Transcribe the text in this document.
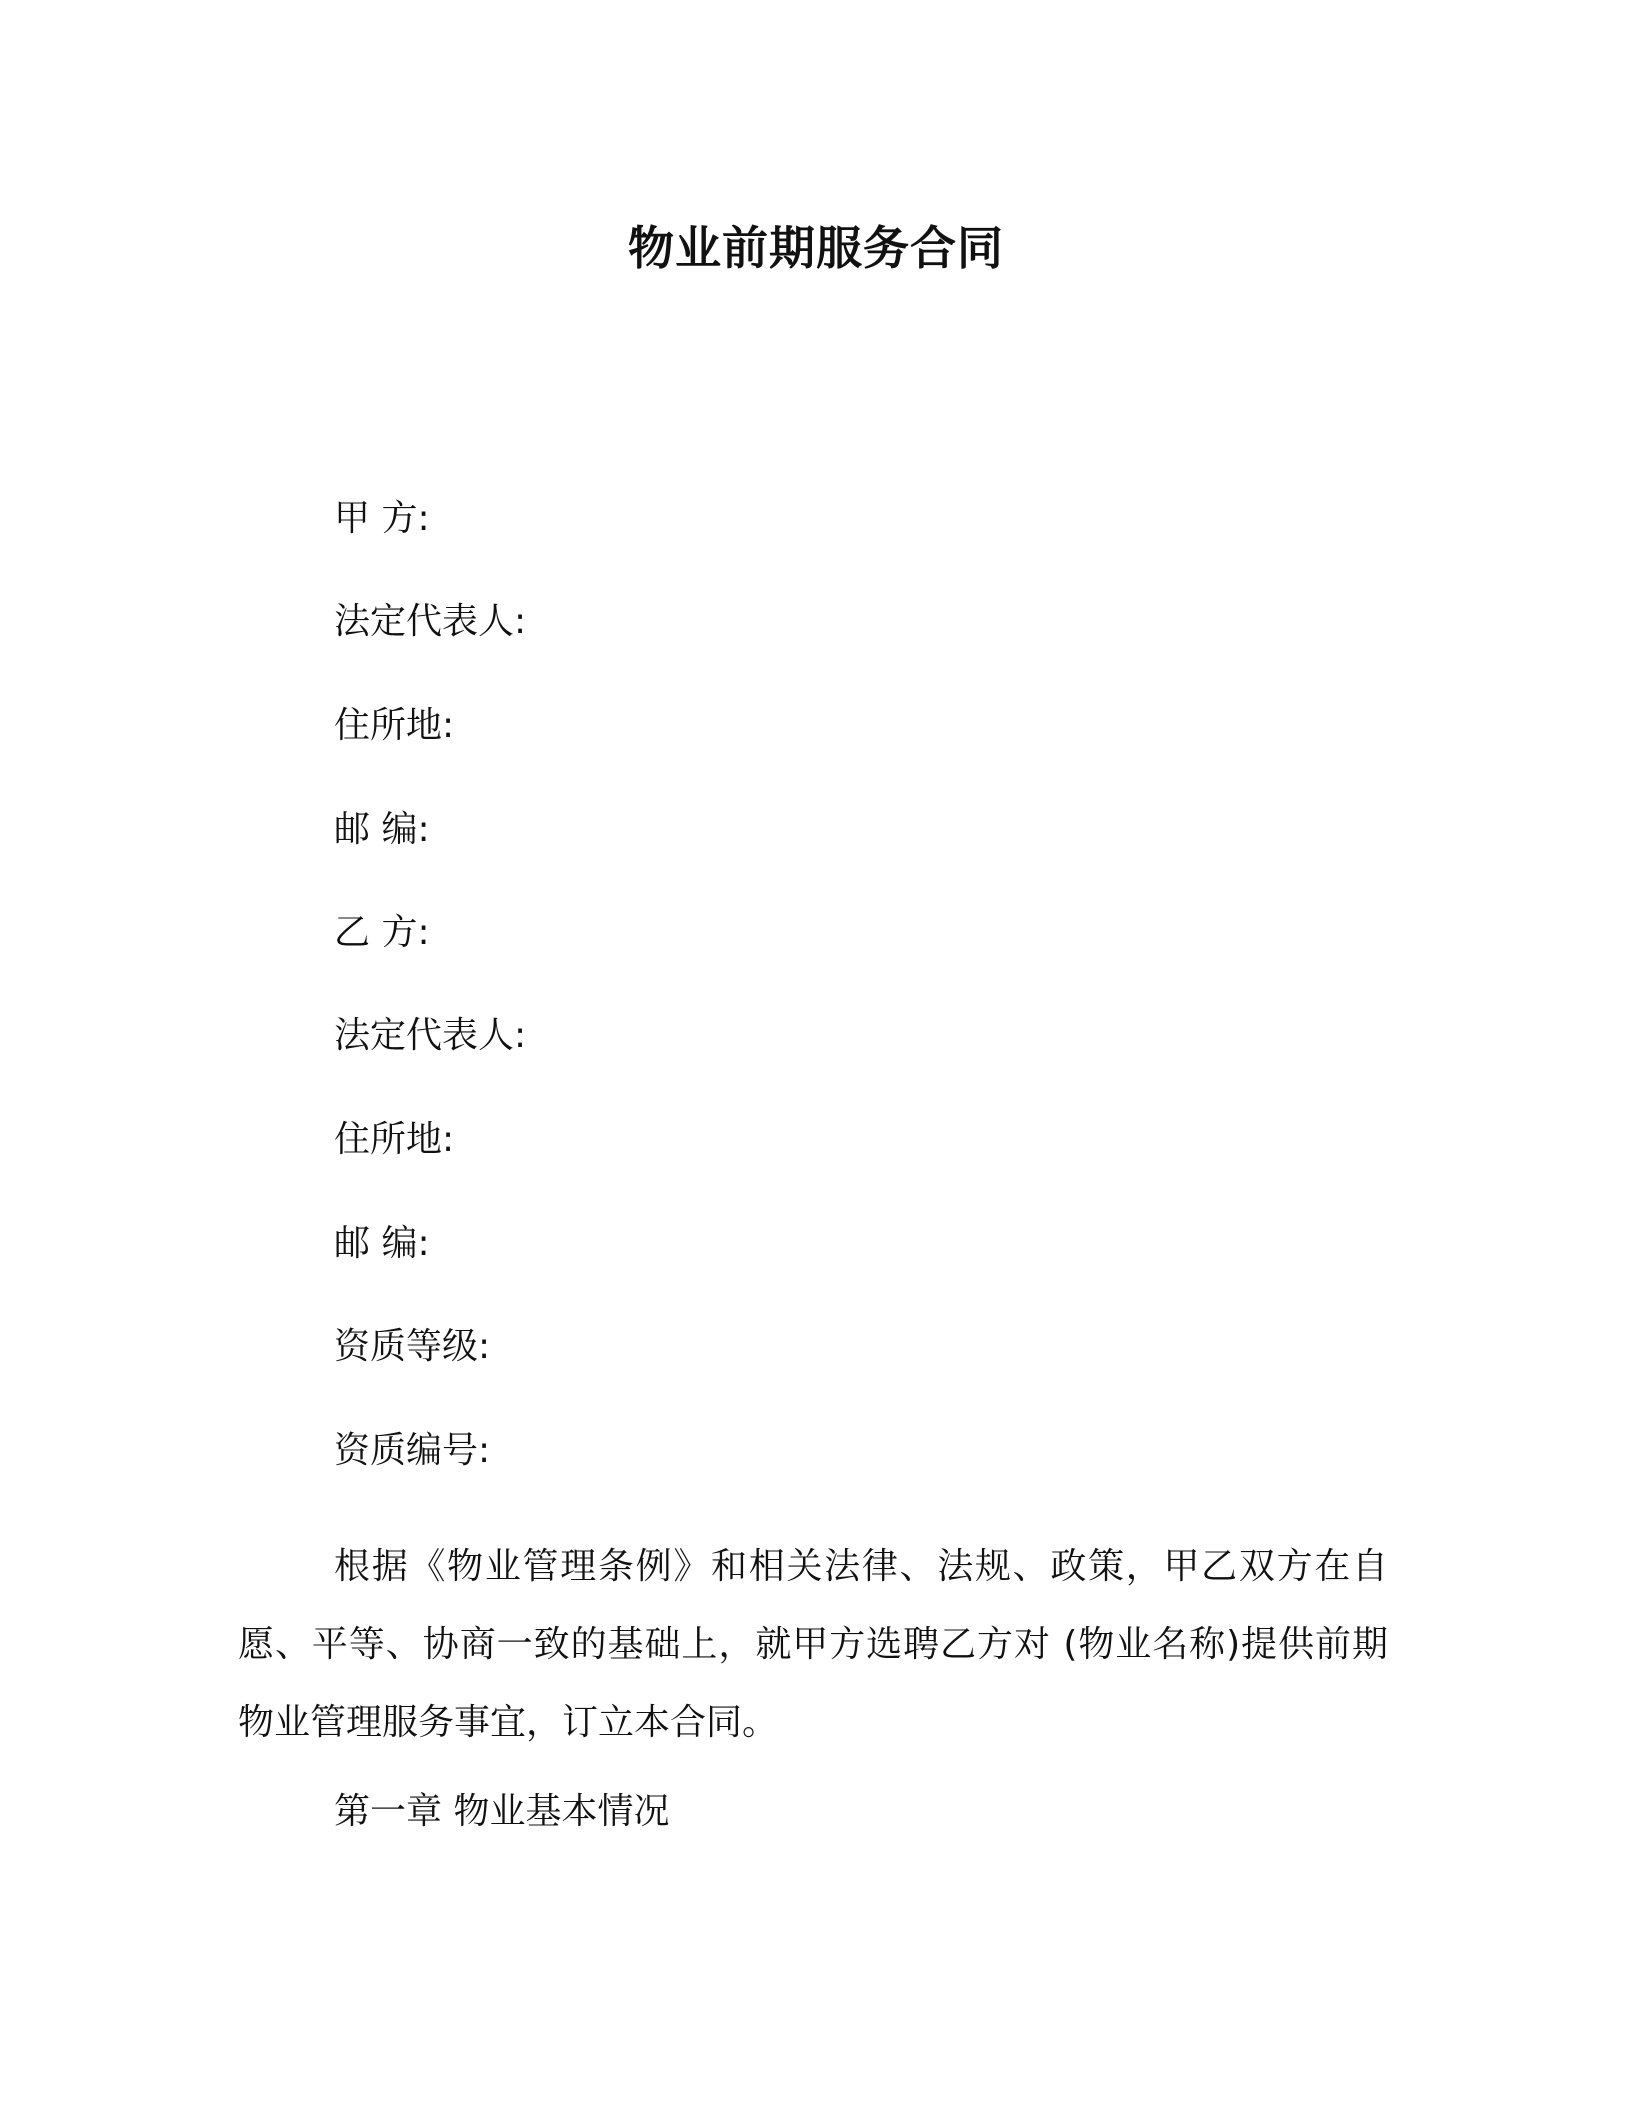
物业前期服务合同
甲 方:
法定代表人:
住所地:
邮 编:
乙 方:
法定代表人:
住所地:
邮 编:
资质等级:
资质编号:
根据《物业管理条例》和相关法律、法规、政策，甲乙双方在自愿、平等、协商一致的基础上，就甲方选聘乙方对 (物业名称)提供前期物业管理服务事宜，订立本合同。
第一章 物业基本情况
